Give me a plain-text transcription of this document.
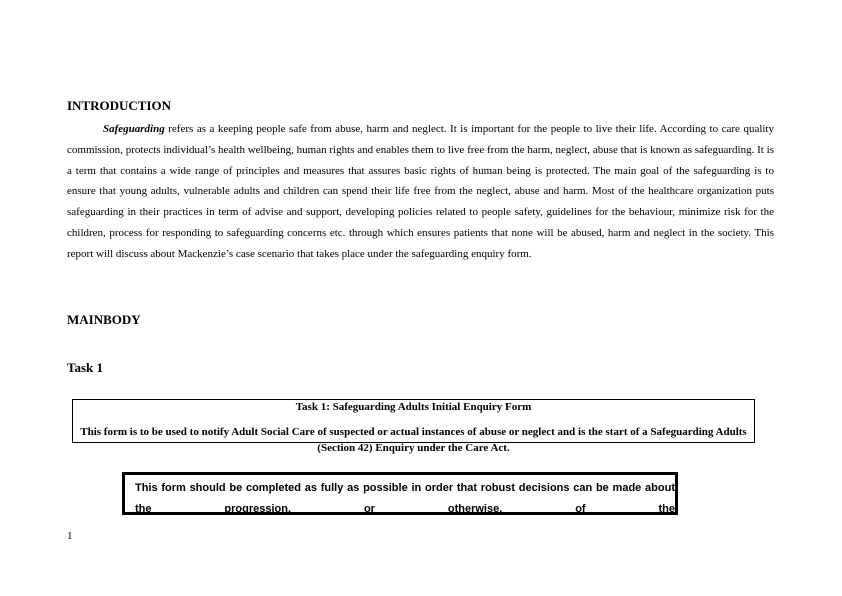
INTRODUCTION

Safeguarding refers as a keeping people safe from abuse, harm and neglect. It is important for the people to live their life. According to care quality commission, protects individual’s health wellbeing, human rights and enables them to live free from the harm, neglect, abuse that is known as safeguarding. It is a term that contains a wide range of principles and measures that assures basic rights of human being is protected. The main goal of the safeguarding is to ensure that young adults, vulnerable adults and children can spend their life free from the neglect, abuse and harm. Most of the healthcare organization puts safeguarding in their practices in term of advise and support, developing policies related to people safety, guidelines for the behaviour, minimize risk for the children, process for responding to safeguarding concerns etc. through which ensures patients that none will be abused, harm and neglect in the society. This report will discuss about Mackenzie’s case scenario that takes place under the safeguarding enquiry form.

MAINBODY
Task 1
Task 1: Safeguarding Adults Initial Enquiry Form
This form is to be used to notify Adult Social Care of suspected or actual instances of abuse or neglect and is the start of a Safeguarding Adults (Section 42) Enquiry under the Care Act.

This form should be completed as fully as possible in order that robust decisions can be made about the progression, or otherwise, of the

1
